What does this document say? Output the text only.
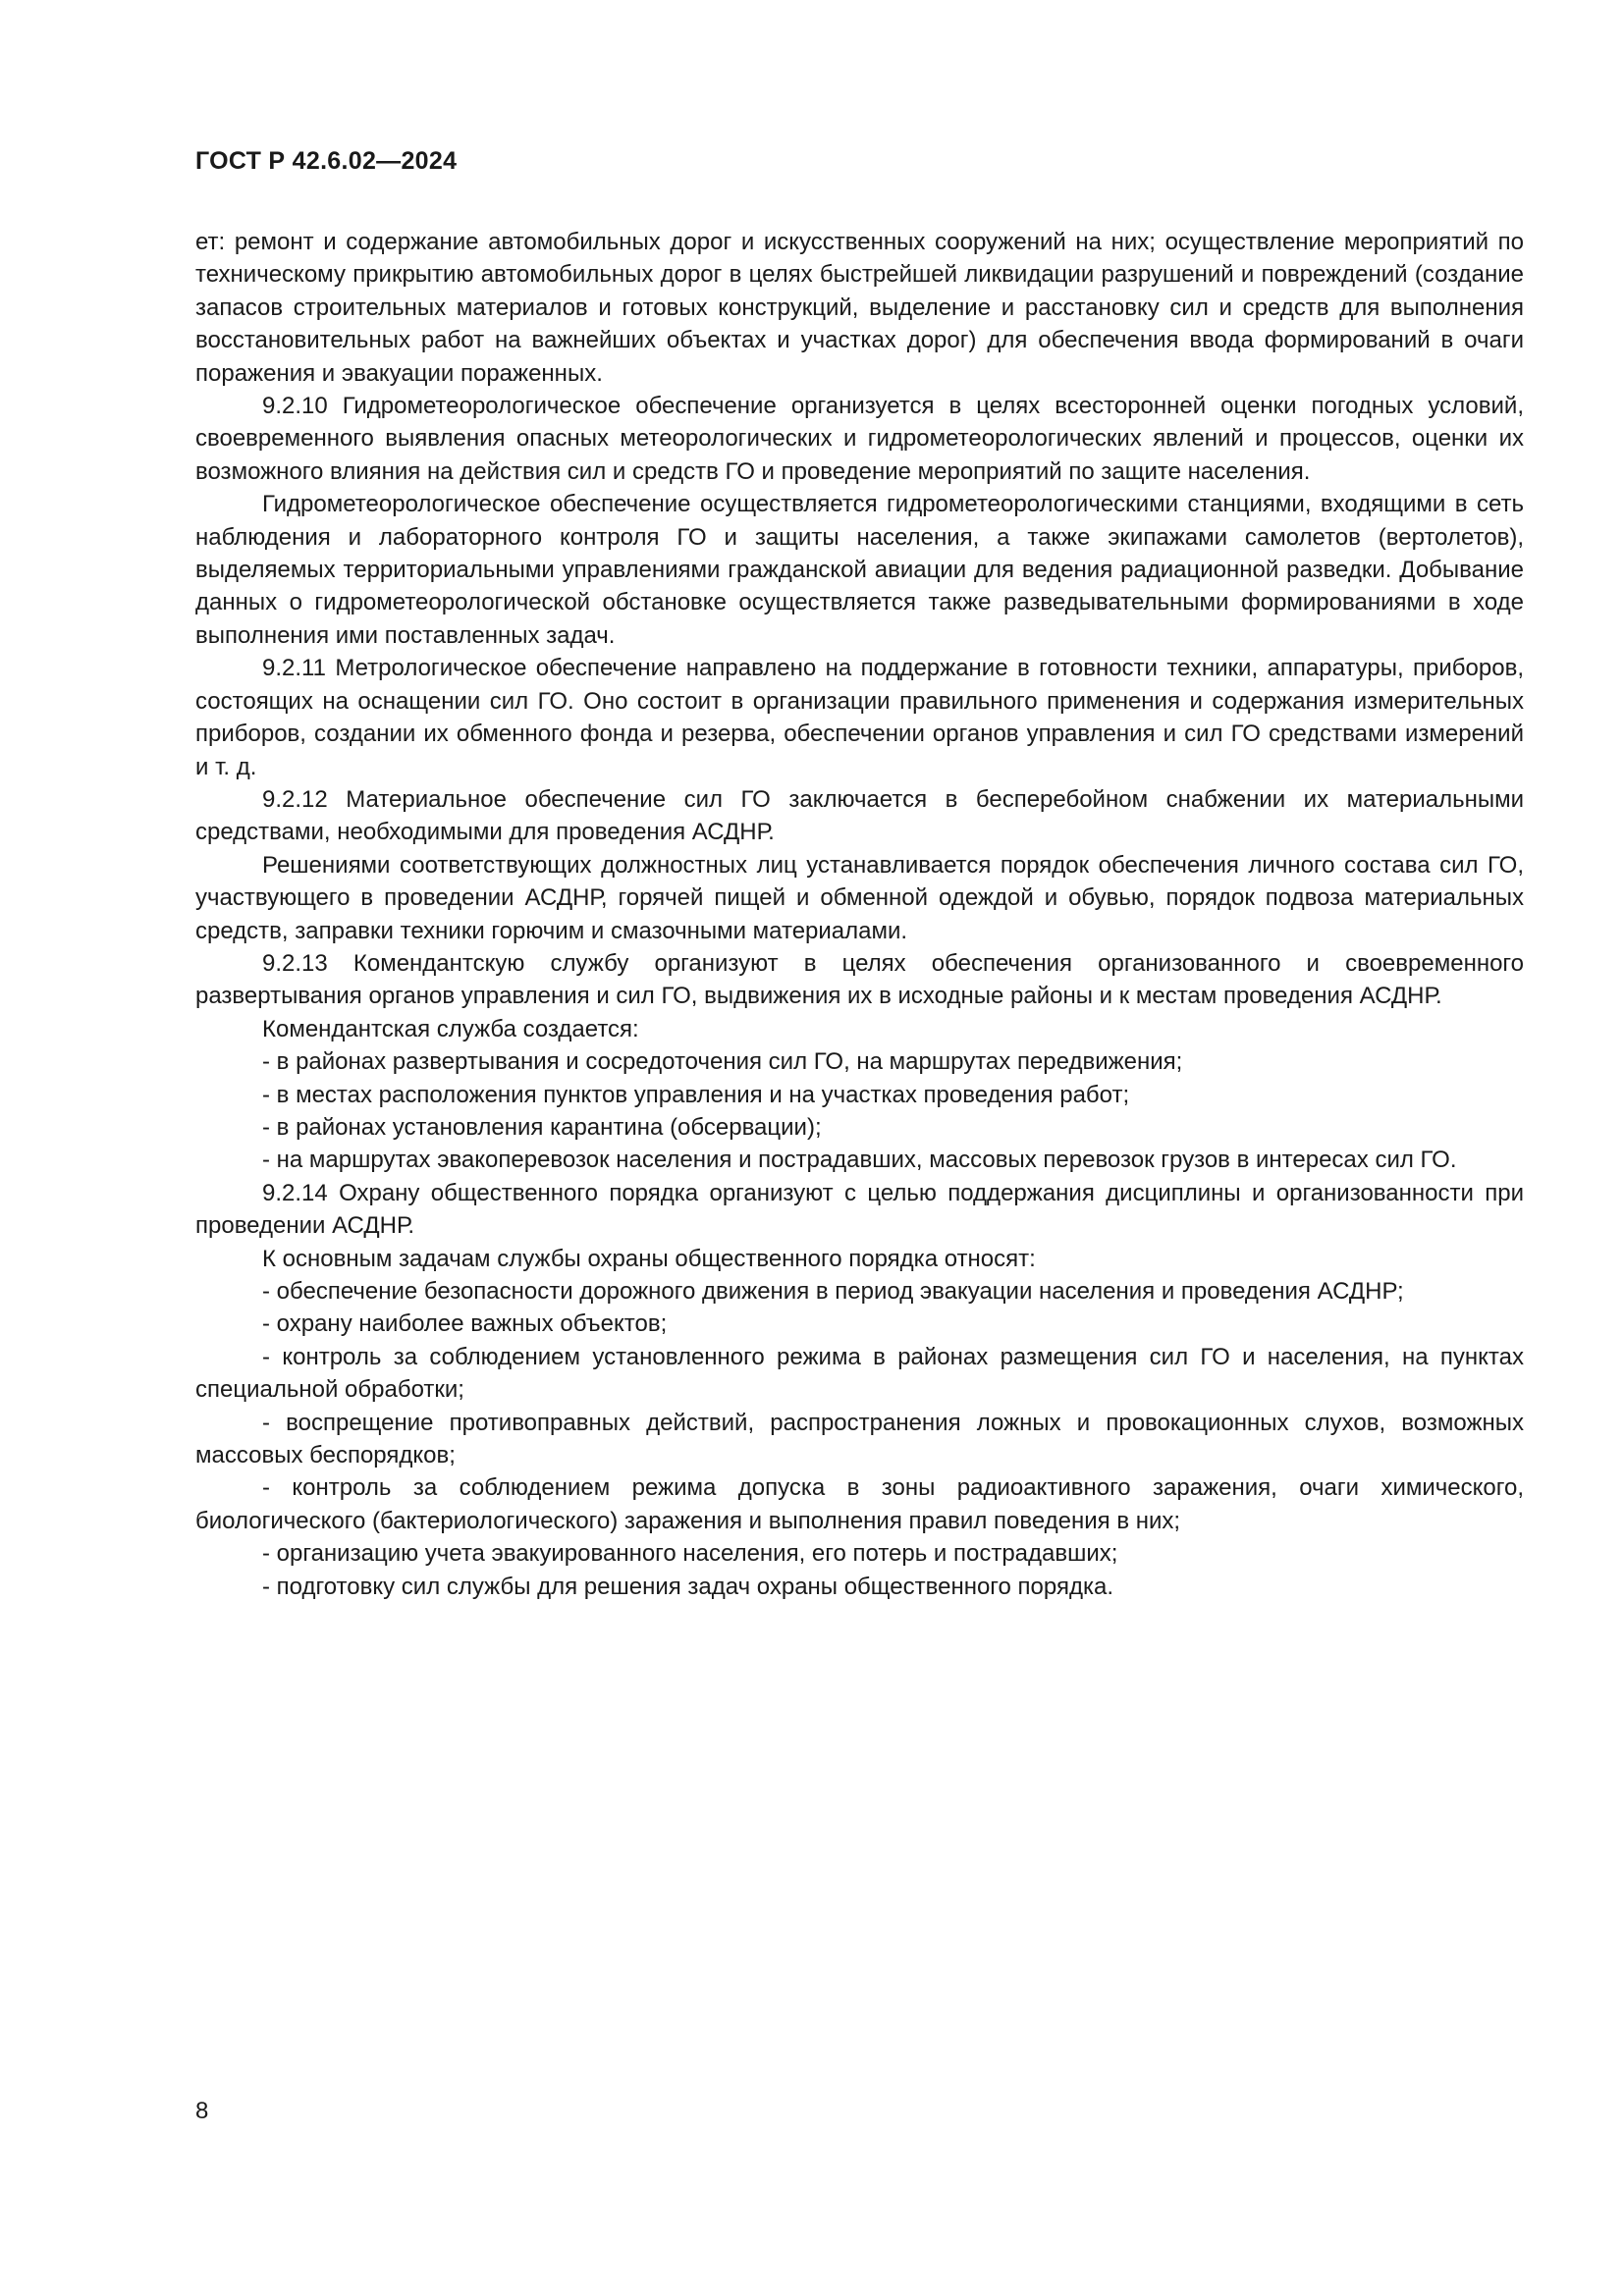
ГОСТ Р 42.6.02—2024

ет: ремонт и содержание автомобильных дорог и искусственных сооружений на них; осуществление мероприятий по техническому прикрытию автомобильных дорог в целях быстрейшей ликвидации разрушений и повреждений (создание запасов строительных материалов и готовых конструкций, выделение и расстановку сил и средств для выполнения восстановительных работ на важнейших объектах и участках дорог) для обеспечения ввода формирований в очаги поражения и эвакуации пораженных.

9.2.10 Гидрометеорологическое обеспечение организуется в целях всесторонней оценки погодных условий, своевременного выявления опасных метеорологических и гидрометеорологических явлений и процессов, оценки их возможного влияния на действия сил и средств ГО и проведение мероприятий по защите населения.

Гидрометеорологическое обеспечение осуществляется гидрометеорологическими станциями, входящими в сеть наблюдения и лабораторного контроля ГО и защиты населения, а также экипажами самолетов (вертолетов), выделяемых территориальными управлениями гражданской авиации для ведения радиационной разведки. Добывание данных о гидрометеорологической обстановке осуществляется также разведывательными формированиями в ходе выполнения ими поставленных задач.

9.2.11 Метрологическое обеспечение направлено на поддержание в готовности техники, аппаратуры, приборов, состоящих на оснащении сил ГО. Оно состоит в организации правильного применения и содержания измерительных приборов, создании их обменного фонда и резерва, обеспечении органов управления и сил ГО средствами измерений и т. д.

9.2.12 Материальное обеспечение сил ГО заключается в бесперебойном снабжении их материальными средствами, необходимыми для проведения АСДНР.

Решениями соответствующих должностных лиц устанавливается порядок обеспечения личного состава сил ГО, участвующего в проведении АСДНР, горячей пищей и обменной одеждой и обувью, порядок подвоза материальных средств, заправки техники горючим и смазочными материалами.

9.2.13 Комендантскую службу организуют в целях обеспечения организованного и своевременного развертывания органов управления и сил ГО, выдвижения их в исходные районы и к местам проведения АСДНР.

Комендантская служба создается:

- в районах развертывания и сосредоточения сил ГО, на маршрутах передвижения;

- в местах расположения пунктов управления и на участках проведения работ;

- в районах установления карантина (обсервации);

- на маршрутах эвакоперевозок населения и пострадавших, массовых перевозок грузов в интересах сил ГО.

9.2.14 Охрану общественного порядка организуют с целью поддержания дисциплины и организованности при проведении АСДНР.

К основным задачам службы охраны общественного порядка относят:

- обеспечение безопасности дорожного движения в период эвакуации населения и проведения АСДНР;

- охрану наиболее важных объектов;

- контроль за соблюдением установленного режима в районах размещения сил ГО и населения, на пунктах специальной обработки;

- воспрещение противоправных действий, распространения ложных и провокационных слухов, возможных массовых беспорядков;

- контроль за соблюдением режима допуска в зоны радиоактивного заражения, очаги химического, биологического (бактериологического) заражения и выполнения правил поведения в них;

- организацию учета эвакуированного населения, его потерь и пострадавших;

- подготовку сил службы для решения задач охраны общественного порядка.

8
